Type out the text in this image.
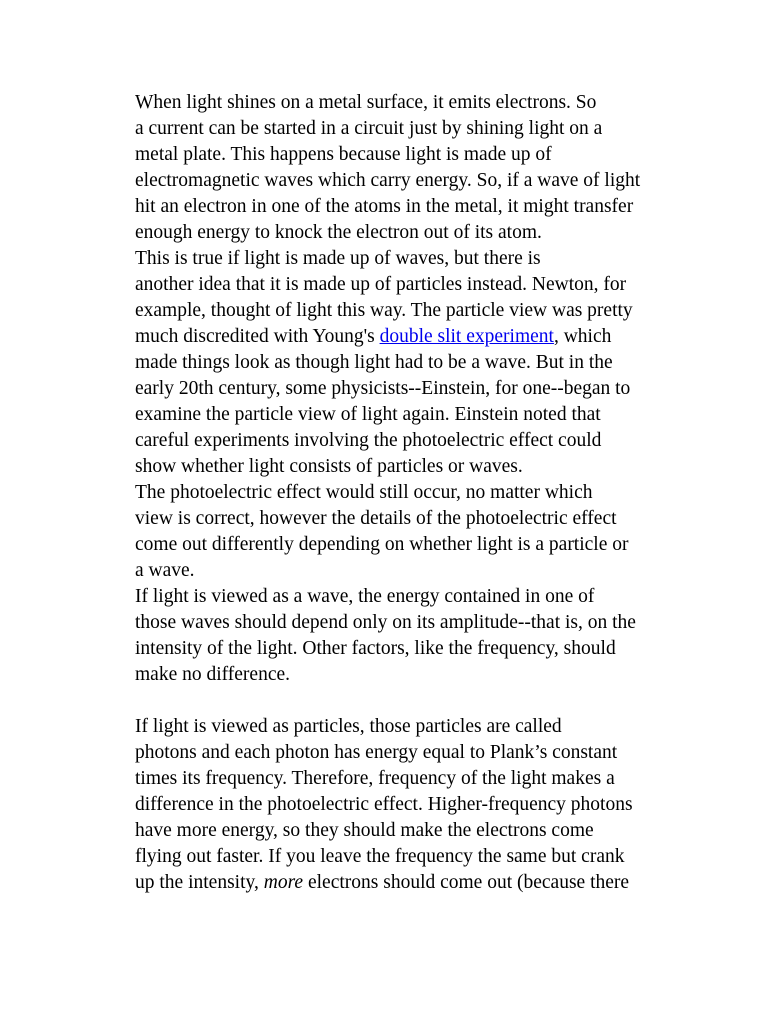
When light shines on a metal surface, it emits electrons. So
a current can be started in a circuit just by shining light on a
metal plate. This happens because light is made up of
electromagnetic waves which carry energy. So, if a wave of light
hit an electron in one of the atoms in the metal, it might transfer
enough energy to knock the electron out of its atom.

This is true if light is made up of waves, but there is
another idea that it is made up of particles instead. Newton, for
example, thought of light this way. The particle view was pretty
much discredited with Young's double slit experiment, which
made things look as though light had to be a wave. But in the
early 20th century, some physicists--Einstein, for one--began to
examine the particle view of light again. Einstein noted that
careful experiments involving the photoelectric effect could
show whether light consists of particles or waves.

The photoelectric effect would still occur, no matter which
view is correct, however the details of the photoelectric effect
come out differently depending on whether light is a particle or
a wave.

If light is viewed as a wave, the energy contained in one of
those waves should depend only on its amplitude--that is, on the
intensity of the light. Other factors, like the frequency, should
make no difference.

If light is viewed as particles, those particles are called
photons and each photon has energy equal to Plank’s constant
times its frequency. Therefore, frequency of the light makes a
difference in the photoelectric effect. Higher-frequency photons
have more energy, so they should make the electrons come
flying out faster. If you leave the frequency the same but crank
up the intensity, more electrons should come out (because there
